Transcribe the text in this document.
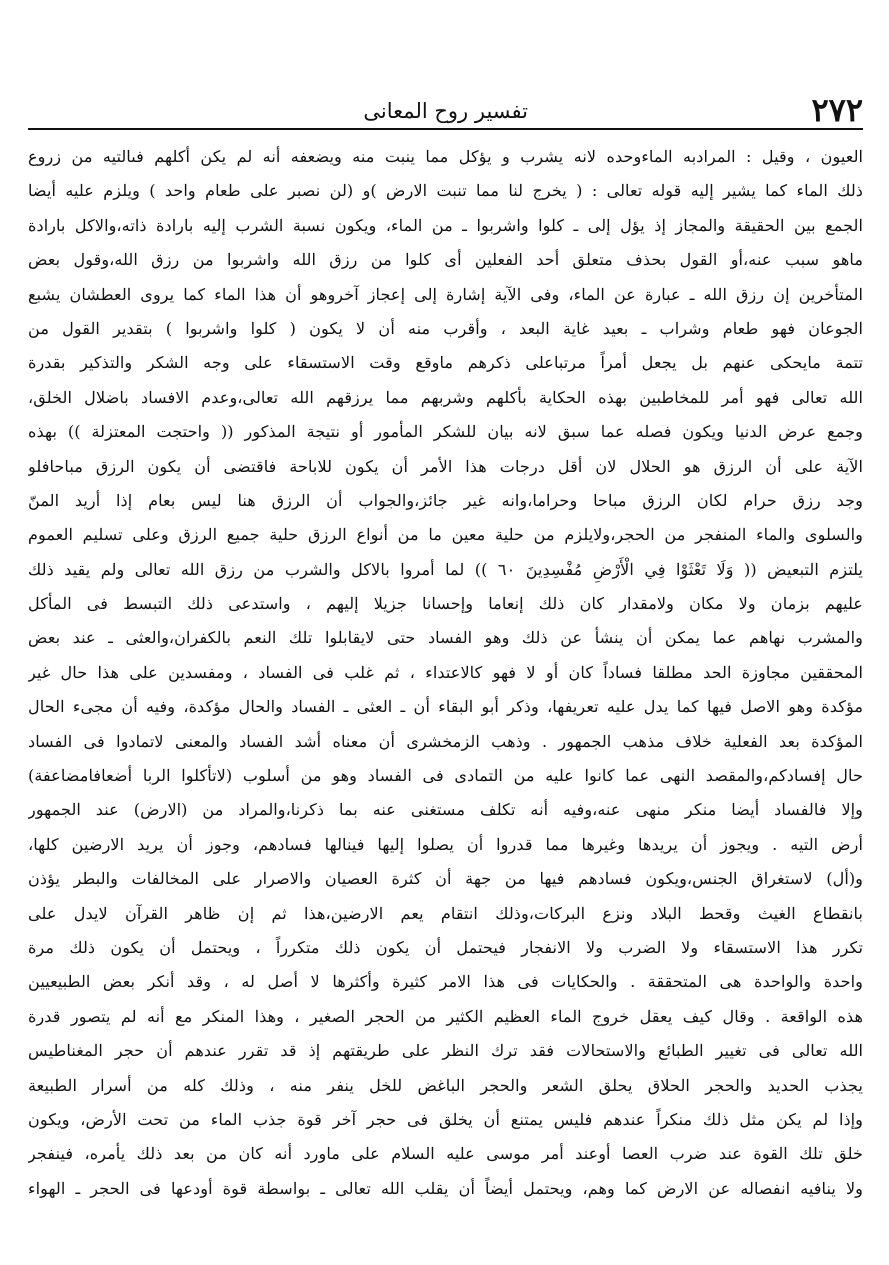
٢٧٢
تفسير روح المعانى
العيون ، وقيل : المرادبه الماءوحده لانه يشرب و يؤكل مما ينبت منه ويضعفه أنه لم يكن أكلهم فىالتيه من زروع
ذلك الماء كما يشير إليه قوله تعالى : ( يخرج لنا مما تنبت الارض )و (لن نصبر على طعام واحد ) ويلزم عليه أيضا
الجمع بين الحقيقة والمجاز إذ يؤل إلى ـ كلوا واشربوا ـ من الماء، ويكون نسبة الشرب إليه بارادة ذاته،والاكل بارادة
ماهو سبب عنه،أو القول بحذف متعلق أحد الفعلين أى كلوا من رزق الله واشربوا من رزق الله،وقول بعض
المتأخرين إن رزق الله ـ عبارة عن الماء، وفى الآية إشارة إلى إعجاز آخروهو أن هذا الماء كما يروى العطشان يشبع
الجوعان فهو طعام وشراب ـ بعيد غاية البعد ، وأقرب منه أن لا يكون ( كلوا واشربوا ) بتقدير القول من
تتمة مايحكى عنهم بل يجعل أمراً مرتباعلى ذكرهم ماوقع وقت الاستسقاء على وجه الشكر والتذكير بقدرة
الله تعالى فهو أمر للمخاطبين بهذه الحكاية بأكلهم وشربهم مما يرزقهم الله تعالى،وعدم الافساد باضلال الخلق،
وجمع عرض الدنيا ويكون فصله عما سبق لانه بيان للشكر المأمور أو نتيجة المذكور (( واحتجت المعتزلة )) بهذه
الآية على أن الرزق هو الحلال لان أقل درجات هذا الأمر أن يكون للاباحة فاقتضى أن يكون الرزق مباحافلو
وجد رزق حرام لكان الرزق مباحا وحراما،وانه غير جائز،والجواب أن الرزق هنا ليس بعام إذا أريد المنّ
والسلوى والماء المنفجر من الحجر،ولايلزم من حلية معين ما من أنواع الرزق حلية جميع الرزق وعلى تسليم العموم
يلتزم التبعيض (( وَلَا تَعْثَوْا فِي الْأَرْضِ مُفْسِدِينَ ٦٠ )) لما أمروا بالاكل والشرب من رزق الله تعالى ولم يقيد ذلك
عليهم بزمان ولا مكان ولامقدار كان ذلك إنعاما وإحسانا جزيلا إليهم ، واستدعى ذلك التبسط فى المأكل
والمشرب نهاهم عما يمكن أن ينشأ عن ذلك وهو الفساد حتى لايقابلوا تلك النعم بالكفران،والعثى ـ عند بعض
المحققين مجاوزة الحد مطلقا فساداً كان أو لا فهو كالاعتداء ، ثم غلب فى الفساد ، ومفسدين على هذا حال غير
مؤكدة وهو الاصل فيها كما يدل عليه تعريفها، وذكر أبو البقاء أن ـ العثى ـ الفساد والحال مؤكدة، وفيه أن مجىء الحال
المؤكدة بعد الفعلية خلاف مذهب الجمهور . وذهب الزمخشرى أن معناه أشد الفساد والمعنى لاتمادوا فى الفساد
حال إفسادكم،والمقصد النهى عما كانوا عليه من التمادى فى الفساد وهو من أسلوب (لاتأكلوا الربا أضعافامضاعفة)
وإلا فالفساد أيضا منكر منهى عنه،وفيه أنه تكلف مستغنى عنه بما ذكرنا،والمراد من (الارض) عند الجمهور
أرض التيه . ويجوز أن يريدها وغيرها مما قدروا أن يصلوا إليها فينالها فسادهم، وجوز أن يريد الارضين كلها،
و(أل) لاستغراق الجنس،ويكون فسادهم فيها من جهة أن كثرة العصيان والاصرار على المخالفات والبطر يؤذن
بانقطاع الغيث وقحط البلاد ونزع البركات،وذلك انتقام يعم الارضين،هذا ثم إن ظاهر القرآن لايدل على
تكرر هذا الاستسقاء ولا الضرب ولا الانفجار فيحتمل أن يكون ذلك متكرراً ، ويحتمل أن يكون ذلك مرة
واحدة والواحدة هى المتحققة . والحكايات فى هذا الامر كثيرة وأكثرها لا أصل له ، وقد أنكر بعض الطبيعيين
هذه الواقعة . وقال كيف يعقل خروج الماء العظيم الكثير من الحجر الصغير ، وهذا المنكر مع أنه لم يتصور قدرة
الله تعالى فى تغيير الطبائع والاستحالات فقد ترك النظر على طريقتهم إذ قد تقرر عندهم أن حجر المغناطيس
يجذب الحديد والحجر الحلاق يحلق الشعر والحجر الباغض للخل ينفر منه ، وذلك كله من أسرار الطبيعة
وإذا لم يكن مثل ذلك منكراً عندهم فليس يمتنع أن يخلق فى حجر آخر قوة جذب الماء من تحت الأرض، ويكون
خلق تلك القوة عند ضرب العصا أوعند أمر موسى عليه السلام على ماورد أنه كان من بعد ذلك يأمره، فينفجر
ولا ينافيه انفصاله عن الارض كما وهم، ويحتمل أيضاً أن يقلب الله تعالى ـ بواسطة قوة أودعها فى الحجر ـ الهواء
